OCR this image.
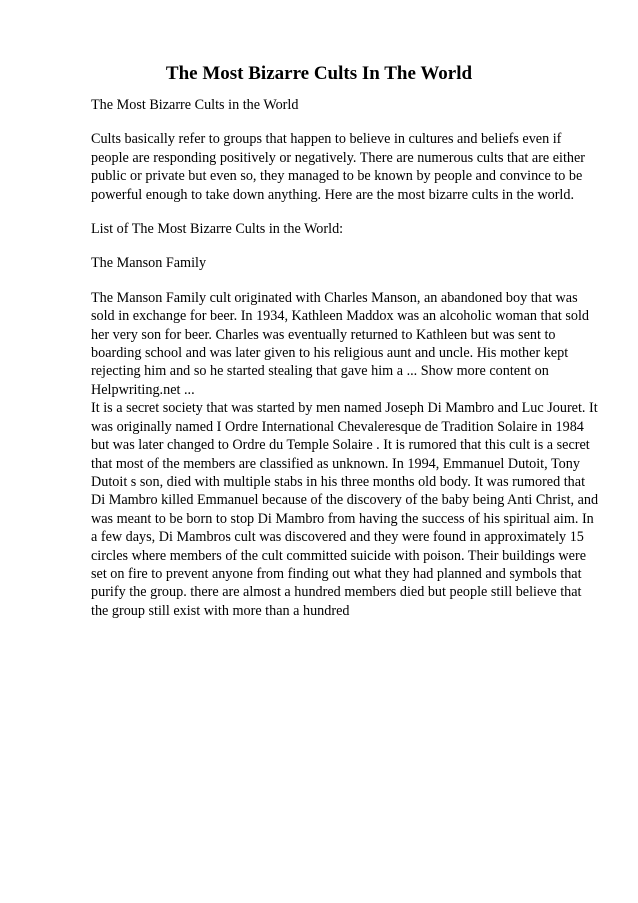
The Most Bizarre Cults In The World

The Most Bizarre Cults in the World

Cults basically refer to groups that happen to believe in cultures and beliefs even if people are responding positively or negatively. There are numerous cults that are either public or private but even so, they managed to be known by people and convince to be powerful enough to take down anything. Here are the most bizarre cults in the world.

List of The Most Bizarre Cults in the World:

The Manson Family

The Manson Family cult originated with Charles Manson, an abandoned boy that was sold in exchange for beer. In 1934, Kathleen Maddox was an alcoholic woman that sold her very son for beer. Charles was eventually returned to Kathleen but was sent to boarding school and was later given to his religious aunt and uncle. His mother kept rejecting him and so he started stealing that gave him a ... Show more content on Helpwriting.net ...

It is a secret society that was started by men named Joseph Di Mambro and Luc Jouret. It was originally named I Ordre International Chevaleresque de Tradition Solaire in 1984 but was later changed to Ordre du Temple Solaire . It is rumored that this cult is a secret that most of the members are classified as unknown. In 1994, Emmanuel Dutoit, Tony Dutoit s son, died with multiple stabs in his three months old body. It was rumored that Di Mambro killed Emmanuel because of the discovery of the baby being Anti Christ, and was meant to be born to stop Di Mambro from having the success of his spiritual aim. In a few days, Di Mambros cult was discovered and they were found in approximately 15 circles where members of the cult committed suicide with poison. Their buildings were set on fire to prevent anyone from finding out what they had planned and symbols that purify the group. there are almost a hundred members died but people still believe that the group still exist with more than a hundred
